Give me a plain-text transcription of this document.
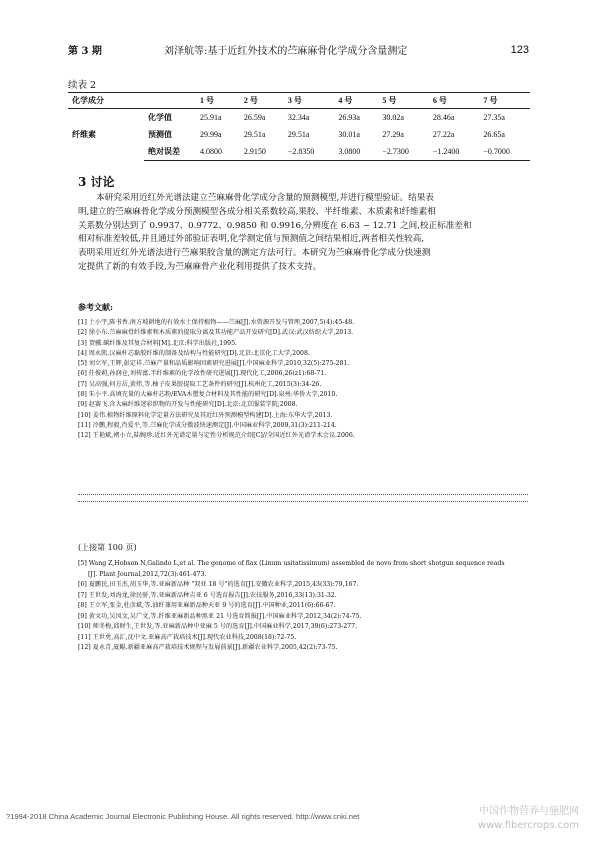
第 3 期	刘泽航等:基于近红外技术的苎麻麻骨化学成分含量测定	123
续表 2
化学成分		1 号	2 号	3 号	4 号	5 号	6 号	7 号
纤维素	化学值	25.91a	26.59a	32.34a	26.93a	30.02a	28.46a	27.35a
	预测值	29.99a	29.51a	29.51a	30.01a	27.29a	27.22a	26.65a
	绝对误差	4.0800	2.9150	−2.8350	3.0800	−2.7300	−1.2400	−0.7000
3 讨论
本研究采用近红外光谱法建立苎麻麻骨化学成分含量的预测模型,并进行模型验证。结果表
明,建立的苎麻麻骨化学成分预测模型各成分相关系数较高,果胶、半纤维素、木质素和纤维素相
关系数分别达到了 0.9937、0.9772、0.9850 和 0.9916,分辨度在 6.63 ~ 12.71 之间,校正标准差和
相对标准差较低,并且通过外部验证表明,化学测定值与预测值之间结果相近,两者相关性较高,
表明采用近红外光谱法进行苎麻果胶含量的测定方法可行。本研究为苎麻麻骨化学成分快速测
定提供了新的有效手段,为苎麻麻骨产业化利用提供了技术支持。
参考文献:
[1] 土小宇,陈书香.南方坡耕地的有效水土保持植物——苎麻[J].水资源开发与管理,2007,5(4):45-48.
[2] 徐小东.苎麻麻骨纤维素和木质素的提取分离及其功能产品开发研究[D].武汉:武汉纺织大学,2013.
[3] 贺骥.碳纤维及其复合材料[M].北京:科学出版社,1995.
[4] 周永凯.汉麻杆芯黏胶纤维的制备及结构与性能研究[D].北京:北京化工大学,2008.
[5] 刘立军,王辉,彭定祥.苎麻产量和品质影响因素研究进展[J].中国麻业科学,2010,32(5):275-281.
[6] 任俊莉,孙润仓,刘传富.半纤维素的化学改性研究进展[J].现代化工,2006,26(z1):68-71.
[7] 吴高强,何方岳,黄炜,等.柚子皮果胶提取工艺条件的研究[J].杭州化工,2015(3):34-26.
[8] 朱小平.高填充量的大麻杆芯粉/EVA木塑复合材料及其性能的研究[D].泉州:华侨大学,2010.
[9] 赵赛飞.含大麻纤维迷彩织物的开发与性能研究[D].北京:北京服装学院,2008.
[10] 姜伟.植物纤维原料化学定量方法研究及其近红外预测模型构建[D].上海:东华大学,2013.
[11] 冷鹏,程毅,肖爱平,等.苎麻化学成分微波快速测定[J].中国麻业科学,2009,31(3):211-214.
[12] 王艳斌,褚小立,陆婉珍.近红外光谱定量与定性分析规范介绍[C]//全国近红外光谱学术会议.2006.
(上接第 100 页)
[5] Wang Z,Hobson N,Galindo L,et al. The genome of flax (Linum usitatissimum) assembled de novo from short shotgun sequence reads
[J]. Plant Journal,2012,72(3):461-473.
[6] 夏鹏民,田玉杰,胡玉华,等.亚麻新品种 "双亚 18 号"的选育[J].安徽农业科学,2015,43(33):79,167.
[7] 王世发,刘海龙,徐民骄,等.亚麻新品种吉亚 6 号选育报告[J].农技服务,2016,33(13):31-32.
[8] 王立军,张金,杜彦斌,等.油纤兼用亚麻新品种天亚 9 号的选育[J].中国种业,2011(6):66-67.
[9] 黄文功,吴凤文,吴广文,等.纤维亚麻新品种黑亚 21 号选育简报[J].中国麻业科学,2012,34(2):74-75.
[10] 师冬梅,邱财生,王世发,等.亚麻新品种中亚麻 5 号的选育[J].中国麻业科学,2017,39(6):273-277.
[11] 王世勇,高汇,沈中文.亚麻高产栽培技术[J].现代农业科技,2008(18):72-75.
[12] 夏永青,夏鲲.新疆亚麻高产栽培技术规程与发展前景[J].新疆农业科学,2005,42(2):73-75.
?1994-2018 China Academic Journal Electronic Publishing House. All rights reserved. http://www.cnki.net	中国作物营养与施肥网
www.fibercrops.com
